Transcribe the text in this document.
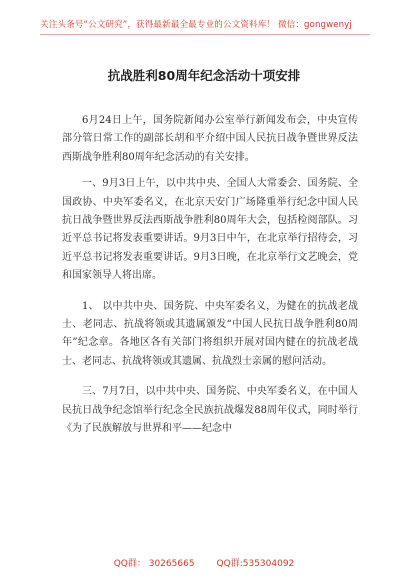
关注头条号“公文研究”，获得最新最全最专业的公文资料库！ 微信：gongwenyj
抗战胜利80周年纪念活动十项安排

6月24日上午，国务院新闻办公室举行新闻发布会，中央宣传部分管日常工作的副部长胡和平介绍中国人民抗日战争暨世界反法西斯战争胜利80周年纪念活动的有关安排。

一、9月3日上午，以中共中央、全国人大常委会、国务院、全国政协、中央军委名义，在北京天安门广场隆重举行纪念中国人民抗日战争暨世界反法西斯战争胜利80周年大会，包括检阅部队。习近平总书记将发表重要讲话。9月3日中午，在北京举行招待会，习近平总书记将发表重要讲话。9月3日晚，在北京举行文艺晚会，党和国家领导人将出席。

1、 以中共中央、国务院、中央军委名义，为健在的抗战老战士、老同志、抗战将领或其遗属颁发“中国人民抗日战争胜利80周年”纪念章。各地区各有关部门将组织开展对国内健在的抗战老战士、老同志、抗战将领或其遗属、抗战烈士亲属的慰问活动。

三、7月7日，以中共中央、国务院、中央军委名义，在中国人民抗日战争纪念馆举行纪念全民族抗战爆发88周年仪式，同时举行《为了民族解放与世界和平——纪念中

QQ群： 30265665 QQ群:535304092
